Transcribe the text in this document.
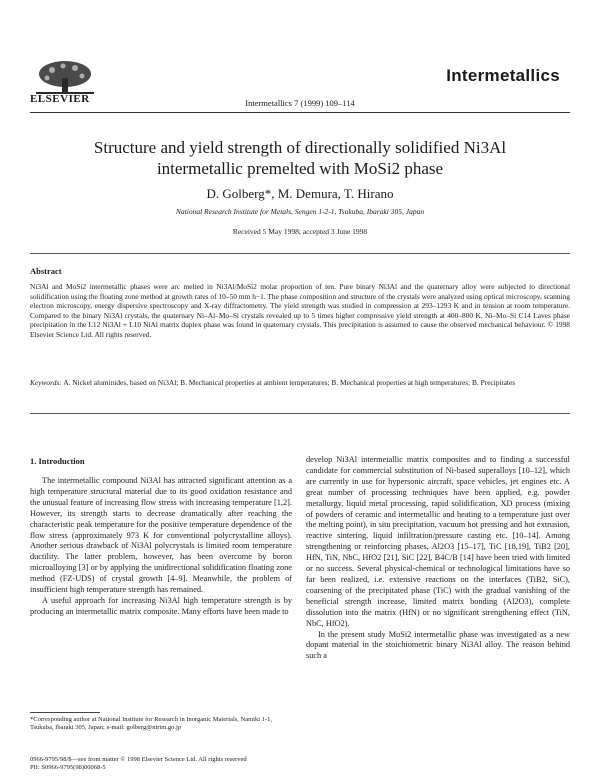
ELSEVIER
Intermetallics
Intermetallics 7 (1999) 109–114
Structure and yield strength of directionally solidified Ni3Al
intermetallic premelted with MoSi2 phase
D. Golberg*, M. Demura, T. Hirano
National Research Institute for Metals, Sengen 1-2-1, Tsukuba, Ibaraki 305, Japan
Received 5 May 1998; accepted 3 June 1998
Abstract
Ni3Al and MoSi2 intermetallic phases were arc melted in Ni3Al/MoSi2 molar proportion of ten. Pure binary Ni3Al and the quaternary alloy were subjected to directional solidification using the floating zone method at growth rates of 10–50 mm h−1. The phase composition and structure of the crystals were analyzed using optical microscopy, scanning electron microscopy, energy dispersive spectroscopy and X-ray diffractometry. The yield strength was studied in compression at 293–1293 K and in tension at room temperature. Compared to the binary Ni3Al crystals, the quaternary Ni–Al–Mo–Si crystals revealed up to 5 times higher compressive yield strength at 400–800 K. Ni–Mo–Si C14 Laves phase precipitation in the L12 Ni3Al + L10 NiAl matrix duplex phase was found in quaternary crystals. This precipitation is assumed to cause the observed mechanical behaviour. © 1998 Elsevier Science Ltd. All rights reserved.
Keywords: A. Nickel aluminides, based on Ni3Al; B. Mechanical properties at ambient temperatures; B. Mechanical properties at high temperatures; B. Precipitates
1. Introduction

The intermetallic compound Ni3Al has attracted significant attention as a high temperature structural material due to its good oxidation resistance and the unusual feature of increasing flow stress with increasing temperature [1,2]. However, its strength starts to decrease dramatically after reaching the characteristic peak temperature for the positive temperature dependence of the flow stress (approximately 973 K for conventional polycrystalline alloys). Another serious drawback of Ni3Al polycrystals is limited room temperature ductility. The latter problem, however, has been overcome by boron microalloying [3] or by applying the unidirectional solidification floating zone method (FZ-UDS) of crystal growth [4–9]. Meanwhile, the problem of insufficient high temperature strength has remained.

A useful approach for increasing Ni3Al high temperature strength is by producing an intermetallic matrix composite. Many efforts have been made to

develop Ni3Al intermetallic matrix composites and to finding a successful candidate for commercial substitution of Ni-based superalloys [10–12], which are currently in use for hypersonic aircraft, space vehicles, jet engines etc. A great number of processing techniques have been applied, e.g. powder metallurgy, liquid metal processing, rapid solidification, XD process (mixing of powders of ceramic and intermetallic and heating to a temperature just over the melting point), in situ precipitation, vacuum hot pressing and hot extrusion, reactive sintering, liquid infiltration/pressure casting etc. [10–14]. Among strengthening or reinforcing phases, Al2O3 [15–17], TiC [18,19], TiB2 [20], HfN, TiN, NbC, HfO2 [21], SiC [22], B4C/B [14] have been tried with limited or no success. Several physical-chemical or technological limitations have so far been realized, i.e. extensive reactions on the interfaces (TiB2, SiC), coarsening of the precipitated phase (TiC) with the gradual vanishing of the beneficial strength increase, limited matrix bonding (Al2O3), complete dissolution into the matrix (HfN) or no significant strengthening effect (TiN, NbC, HfO2).

In the present study MoSi2 intermetallic phase was investigated as a new dopant material in the stoichiometric binary Ni3Al alloy. The reason behind such a

*Corresponding author at National Institute for Research in Inorganic Materials, Namiki 1-1, Tsukuba, Ibaraki 305, Japan; e-mail: golberg@nirim.go.jp
0966-9795/98/$—see front matter © 1998 Elsevier Science Ltd. All rights reserved
PII: S0966-9795(98)00068-5
